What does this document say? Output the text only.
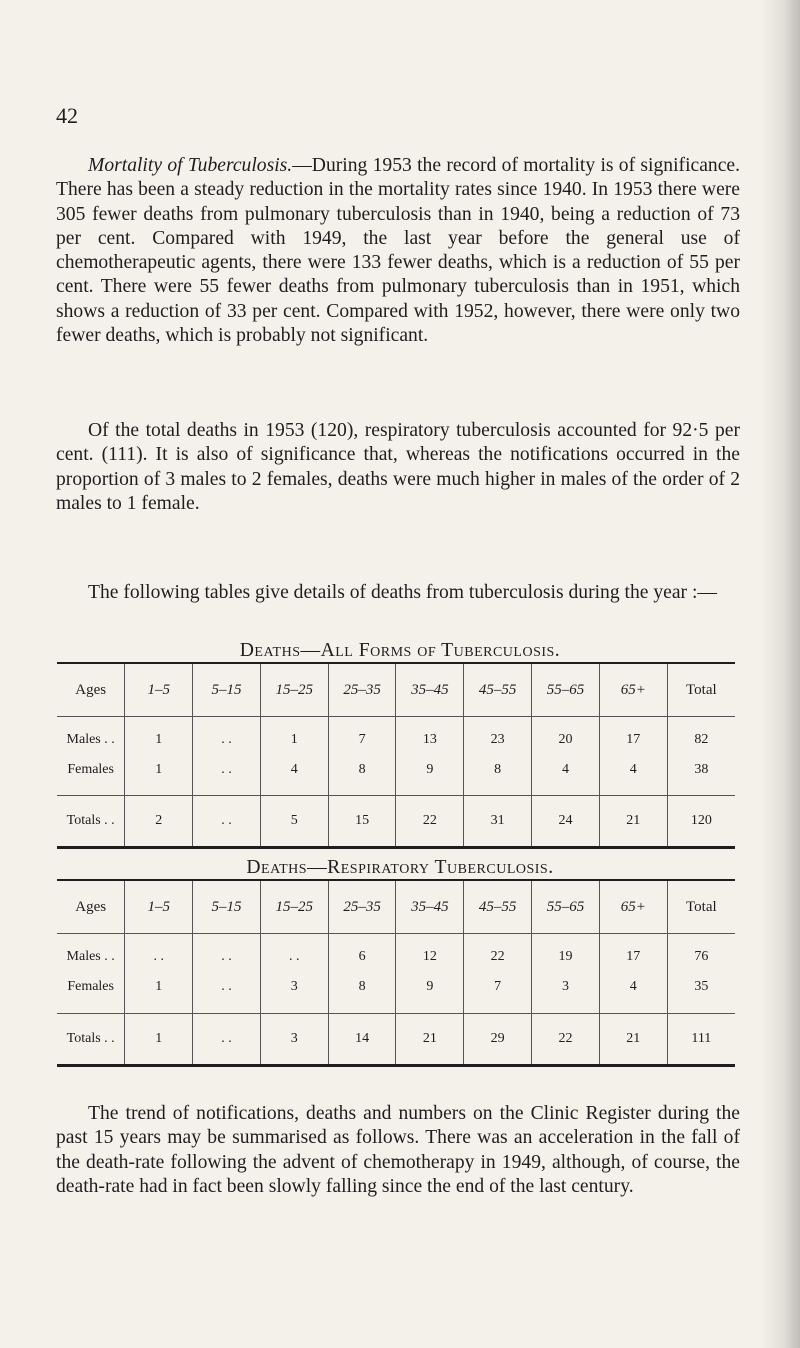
42

Mortality of Tuberculosis.—During 1953 the record of mortality is of significance. There has been a steady reduction in the mortality rates since 1940. In 1953 there were 305 fewer deaths from pulmonary tuberculosis than in 1940, being a reduction of 73 per cent. Compared with 1949, the last year before the general use of chemotherapeutic agents, there were 133 fewer deaths, which is a reduction of 55 per cent. There were 55 fewer deaths from pulmonary tuberculosis than in 1951, which shows a reduction of 33 per cent. Compared with 1952, however, there were only two fewer deaths, which is probably not significant.

Of the total deaths in 1953 (120), respiratory tuberculosis accounted for 92·5 per cent. (111). It is also of significance that, whereas the notifications occurred in the proportion of 3 males to 2 females, deaths were much higher in males of the order of 2 males to 1 female.

The following tables give details of deaths from tuberculosis during the year :—

Deaths—All Forms of Tuberculosis.
Ages	1–5	5–15	15–25	25–35	35–45	45–55	55–65	65+	Total
Males . .	1	. .	1	7	13	23	20	17	82
Females	1	. .	4	8	9	8	4	4	38
Totals . .	2	. .	5	15	22	31	24	21	120
Deaths—Respiratory Tuberculosis.
Ages	1–5	5–15	15–25	25–35	35–45	45–55	55–65	65+	Total
Males . .	. .	. .	. .	6	12	22	19	17	76
Females	1	. .	3	8	9	7	3	4	35
Totals . .	1	. .	3	14	21	29	22	21	111

The trend of notifications, deaths and numbers on the Clinic Register during the past 15 years may be summarised as follows. There was an acceleration in the fall of the death-rate following the advent of chemotherapy in 1949, although, of course, the death-rate had in fact been slowly falling since the end of the last century.
